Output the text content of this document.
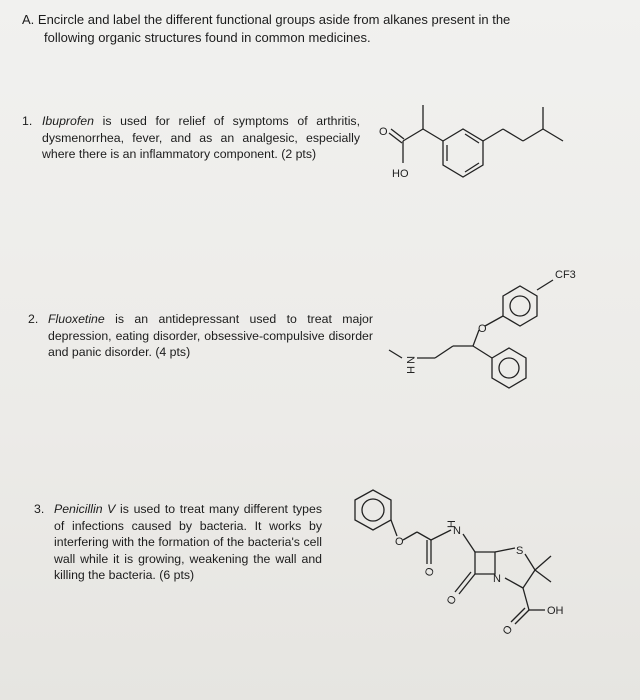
A. Encircle and label the different functional groups aside from alkanes present in the
following organic structures found in common medicines.
1. Ibuprofen is used for relief of symptoms of arthritis, dysmenorrhea, fever, and as an analgesic, especially where there is an inflammatory component. (2 pts)

O
HO
2. Fluoxetine is an antidepressant used to treat major depression, eating disorder, obsessive-compulsive disorder and panic disorder. (4 pts)

CF3
O
N
H
3. Penicillin V is used to treat many different types of infections caused by bacteria. It works by interfering with the formation of the bacteria's cell wall while it is growing, weakening the wall and killing the bacteria. (6 pts)

O
O
H
N
O
N
S
O
OH
